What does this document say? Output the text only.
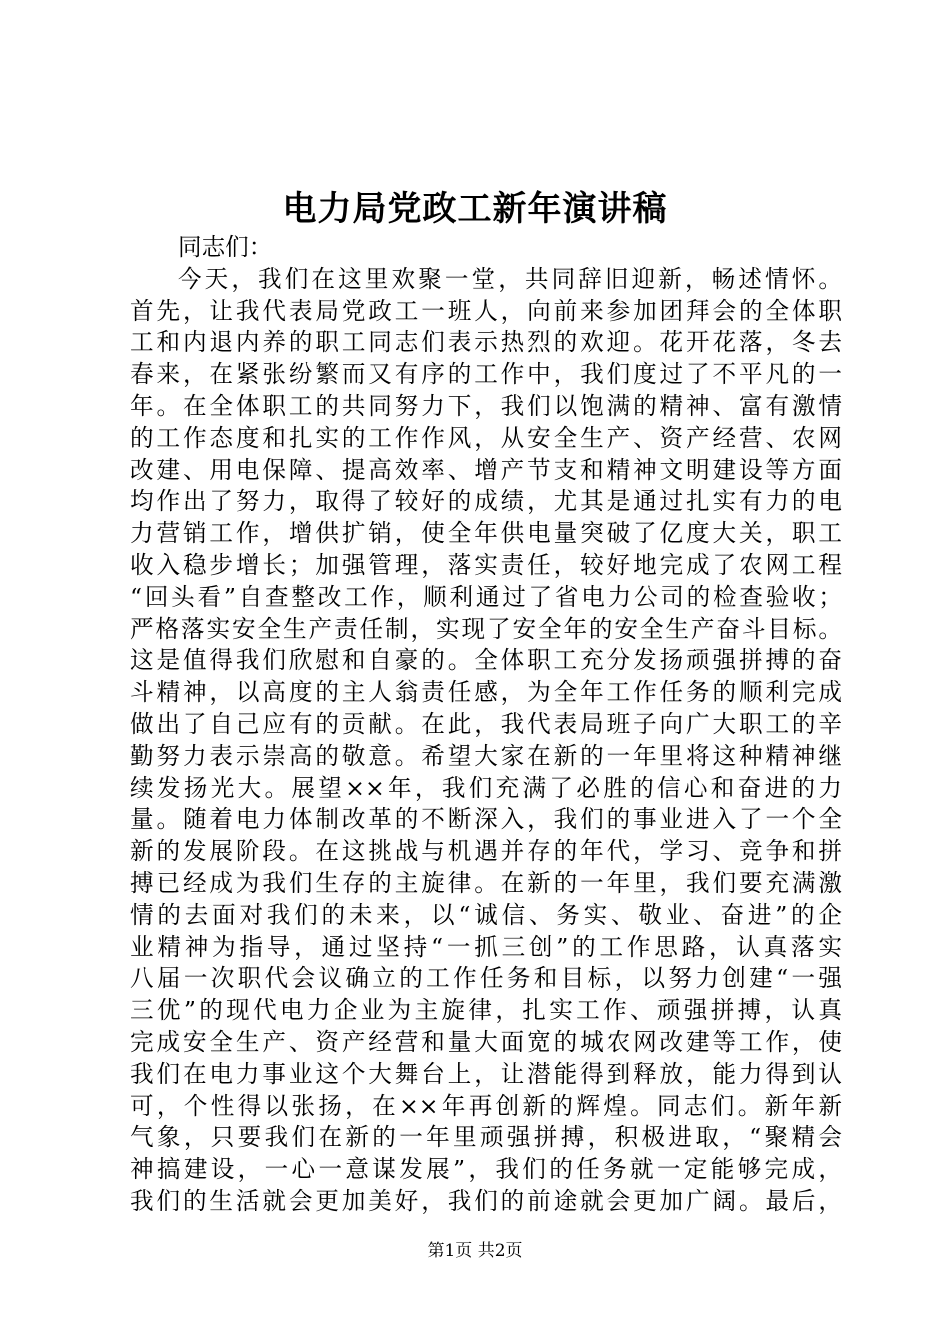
电力局党政工新年演讲稿
同志们：
今天，我们在这里欢聚一堂，共同辞旧迎新，畅述情怀。
首先，让我代表局党政工一班人，向前来参加团拜会的全体职
工和内退内养的职工同志们表示热烈的欢迎。花开花落，冬去
春来，在紧张纷繁而又有序的工作中，我们度过了不平凡的一
年。在全体职工的共同努力下，我们以饱满的精神、富有激情
的工作态度和扎实的工作作风，从安全生产、资产经营、农网
改建、用电保障、提高效率、增产节支和精神文明建设等方面
均作出了努力，取得了较好的成绩，尤其是通过扎实有力的电
力营销工作，增供扩销，使全年供电量突破了亿度大关，职工
收入稳步增长；加强管理，落实责任，较好地完成了农网工程
“回头看”自查整改工作，顺利通过了省电力公司的检查验收；
严格落实安全生产责任制，实现了安全年的安全生产奋斗目标。
这是值得我们欣慰和自豪的。全体职工充分发扬顽强拼搏的奋
斗精神，以高度的主人翁责任感，为全年工作任务的顺利完成
做出了自己应有的贡献。在此，我代表局班子向广大职工的辛
勤努力表示崇高的敬意。希望大家在新的一年里将这种精神继
续发扬光大。展望××年，我们充满了必胜的信心和奋进的力
量。随着电力体制改革的不断深入，我们的事业进入了一个全
新的发展阶段。在这挑战与机遇并存的年代，学习、竞争和拼
搏已经成为我们生存的主旋律。在新的一年里，我们要充满激
情的去面对我们的未来，以“诚信、务实、敬业、奋进”的企
业精神为指导，通过坚持“一抓三创”的工作思路，认真落实
八届一次职代会议确立的工作任务和目标，以努力创建“一强
三优”的现代电力企业为主旋律，扎实工作、顽强拼搏，认真
完成安全生产、资产经营和量大面宽的城农网改建等工作，使
我们在电力事业这个大舞台上，让潜能得到释放，能力得到认
可，个性得以张扬，在××年再创新的辉煌。同志们。新年新
气象，只要我们在新的一年里顽强拼搏，积极进取，“聚精会
神搞建设，一心一意谋发展”，我们的任务就一定能够完成，
我们的生活就会更加美好，我们的前途就会更加广阔。最后，
第1页 共2页
